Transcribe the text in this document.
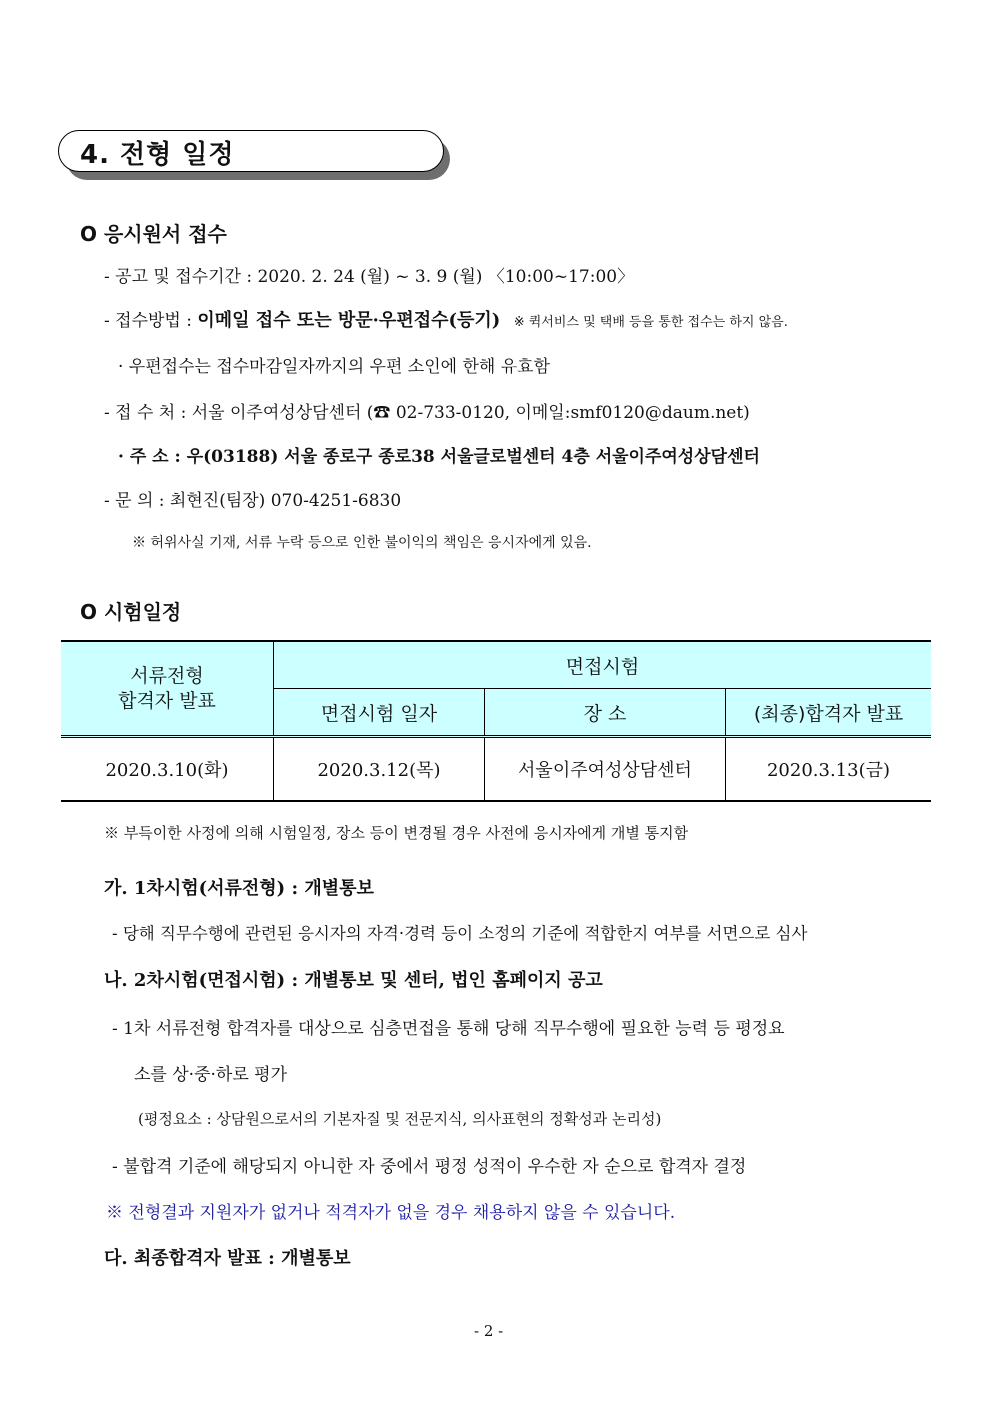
4. 전형 일정
O 응시원서 접수
- 공고 및 접수기간 : 2020. 2. 24 (월) ~ 3. 9 (월) 〈10:00~17:00〉
- 접수방법 : 이메일 접수 또는 방문·우편접수(등기) ※ 퀵서비스 및 택배 등을 통한 접수는 하지 않음.
· 우편접수는 접수마감일자까지의 우편 소인에 한해 유효함
- 접 수 처 : 서울 이주여성상담센터 (☎ 02-733-0120, 이메일:smf0120@daum.net)
· 주 소 : 우(03188) 서울 종로구 종로38 서울글로벌센터 4층 서울이주여성상담센터
- 문 의 : 최현진(팀장) 070-4251-6830
※ 허위사실 기재, 서류 누락 등으로 인한 불이익의 책임은 응시자에게 있음.
O 시험일정
서류전형
합격자 발표	면접시험		
	면접시험 일자	장 소	(최종)합격자 발표
2020.3.10(화)	2020.3.12(목)	서울이주여성상담센터	2020.3.13(금)
※ 부득이한 사정에 의해 시험일정, 장소 등이 변경될 경우 사전에 응시자에게 개별 통지함
가. 1차시험(서류전형) : 개별통보
- 당해 직무수행에 관련된 응시자의 자격·경력 등이 소정의 기준에 적합한지 여부를 서면으로 심사
나. 2차시험(면접시험) : 개별통보 및 센터, 법인 홈페이지 공고
- 1차 서류전형 합격자를 대상으로 심층면접을 통해 당해 직무수행에 필요한 능력 등 평정요
소를 상·중·하로 평가
(평정요소 : 상담원으로서의 기본자질 및 전문지식, 의사표현의 정확성과 논리성)
- 불합격 기준에 해당되지 아니한 자 중에서 평정 성적이 우수한 자 순으로 합격자 결정
※ 전형결과 지원자가 없거나 적격자가 없을 경우 채용하지 않을 수 있습니다.
다. 최종합격자 발표 : 개별통보
- 2 -
